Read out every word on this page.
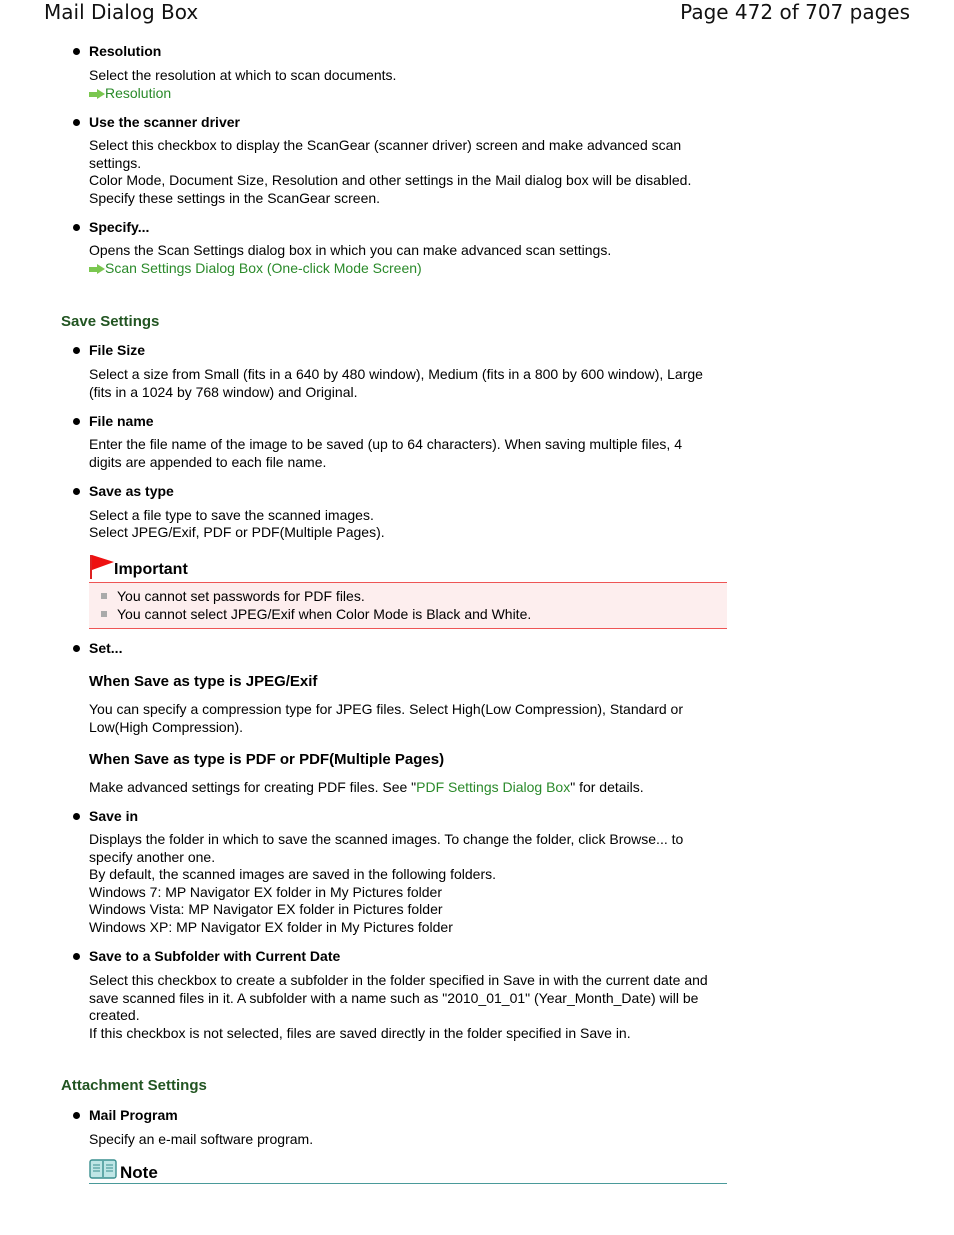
Mail Dialog Box	Page 472 of 707 pages
Resolution
Select the resolution at which to scan documents.
Resolution
Use the scanner driver
Select this checkbox to display the ScanGear (scanner driver) screen and make advanced scan
settings.
Color Mode, Document Size, Resolution and other settings in the Mail dialog box will be disabled.
Specify these settings in the ScanGear screen.
Specify...
Opens the Scan Settings dialog box in which you can make advanced scan settings.
Scan Settings Dialog Box (One-click Mode Screen)
Save Settings
File Size
Select a size from Small (fits in a 640 by 480 window), Medium (fits in a 800 by 600 window), Large
(fits in a 1024 by 768 window) and Original.
File name
Enter the file name of the image to be saved (up to 64 characters). When saving multiple files, 4
digits are appended to each file name.
Save as type
Select a file type to save the scanned images.
Select JPEG/Exif, PDF or PDF(Multiple Pages).
Important
You cannot set passwords for PDF files.
You cannot select JPEG/Exif when Color Mode is Black and White.
Set...
When Save as type is JPEG/Exif
You can specify a compression type for JPEG files. Select High(Low Compression), Standard or
Low(High Compression).
When Save as type is PDF or PDF(Multiple Pages)
Make advanced settings for creating PDF files. See "PDF Settings Dialog Box" for details.
Save in
Displays the folder in which to save the scanned images. To change the folder, click Browse... to
specify another one.
By default, the scanned images are saved in the following folders.
Windows 7: MP Navigator EX folder in My Pictures folder
Windows Vista: MP Navigator EX folder in Pictures folder
Windows XP: MP Navigator EX folder in My Pictures folder
Save to a Subfolder with Current Date
Select this checkbox to create a subfolder in the folder specified in Save in with the current date and
save scanned files in it. A subfolder with a name such as "2010_01_01" (Year_Month_Date) will be
created.
If this checkbox is not selected, files are saved directly in the folder specified in Save in.
Attachment Settings
Mail Program
Specify an e-mail software program.
Note
